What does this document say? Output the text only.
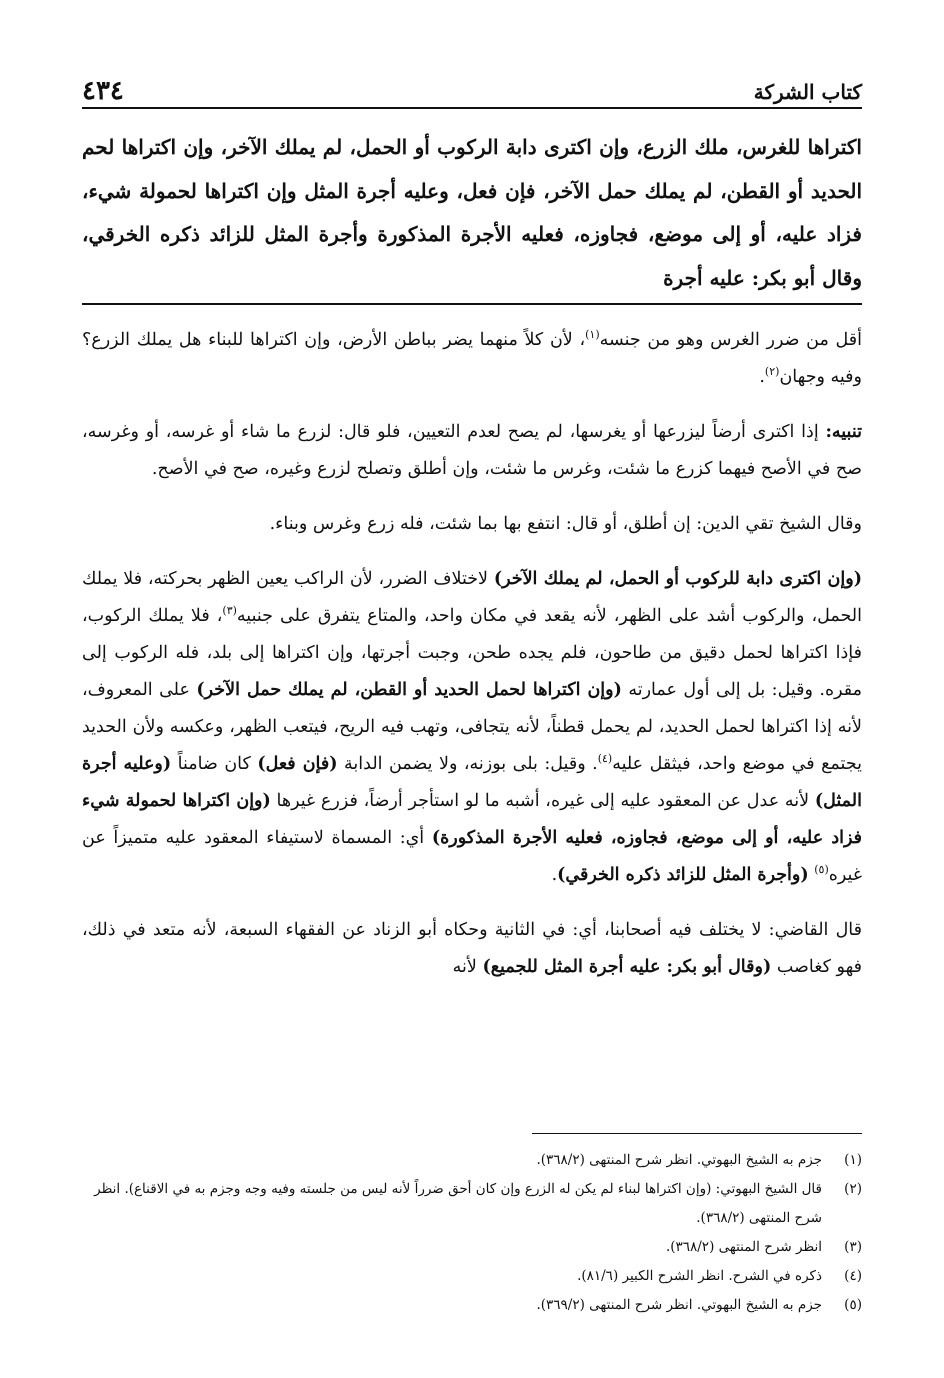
كتاب الشركة
٤٣٤
اكتراها للغرس، ملك الزرع، وإن اكترى دابة الركوب أو الحمل، لم يملك الآخر، وإن اكتراها لحم الحديد أو القطن، لم يملك حمل الآخر، فإن فعل، وعليه أجرة المثل وإن اكتراها لحمولة شيء، فزاد عليه، أو إلى موضع، فجاوزه، فعليه الأجرة المذكورة وأجرة المثل للزائد ذكره الخرقي، وقال أبو بكر: عليه أجرة

أقل من ضرر الغرس وهو من جنسه$^{(١)}$، لأن كلاً منهما يضر بباطن الأرض، وإن اكتراها للبناء هل يملك الزرع؟ وفيه وجهان$^{(٢)}$.

تنبيه: إذا اكترى أرضاً ليزرعها أو يغرسها، لم يصح لعدم التعيين، فلو قال: لزرع ما شاء أو غرسه، أو وغرسه، صح في الأصح فيهما كزرع ما شئت، وغرس ما شئت، وإن أطلق وتصلح لزرع وغيره، صح في الأصح.

وقال الشيخ تقي الدين: إن أطلق، أو قال: انتفع بها بما شئت، فله زرع وغرس وبناء.

(وإن اكترى دابة للركوب أو الحمل، لم يملك الآخر) لاختلاف الضرر، لأن الراكب يعين الظهر بحركته، فلا يملك الحمل، والركوب أشد على الظهر، لأنه يقعد في مكان واحد، والمتاع يتفرق على جنبيه$^{(٣)}$، فلا يملك الركوب، فإذا اكتراها لحمل دقيق من طاحون، فلم يجده طحن، وجبت أجرتها، وإن اكتراها إلى بلد، فله الركوب إلى مقره. وقيل: بل إلى أول عمارته (وإن اكتراها لحمل الحديد أو القطن، لم يملك حمل الآخر) على المعروف، لأنه إذا اكتراها لحمل الحديد، لم يحمل قطناً، لأنه يتجافى، وتهب فيه الريح، فيتعب الظهر، وعكسه ولأن الحديد يجتمع في موضع واحد، فيثقل عليه$^{(٤)}$. وقيل: بلى بوزنه، ولا يضمن الدابة (فإن فعل) كان ضامناً (وعليه أجرة المثل) لأنه عدل عن المعقود عليه إلى غيره، أشبه ما لو استأجر أرضاً، فزرع غيرها (وإن اكتراها لحمولة شيء فزاد عليه، أو إلى موضع، فجاوزه، فعليه الأجرة المذكورة) أي: المسماة لاستيفاء المعقود عليه متميزاً عن غيره$^{(٥)}$ (وأجرة المثل للزائد ذكره الخرقي).

قال القاضي: لا يختلف فيه أصحابنا، أي: في الثانية وحكاه أبو الزناد عن الفقهاء السبعة، لأنه متعد في ذلك، فهو كغاصب (وقال أبو بكر: عليه أجرة المثل للجميع) لأنه

(١)
جزم به الشيخ البهوتي. انظر شرح المنتهى (٣٦٨/٢).
(٢)
قال الشيخ البهوتي: (وإن اكتراها لبناء لم يكن له الزرع وإن كان أحق ضرراً لأنه ليس من جلسته وفيه وجه وجزم به في الاقناع). انظر شرح المنتهى (٣٦٨/٢).
(٣)
انظر شرح المنتهى (٣٦٨/٢).
(٤)
ذكره في الشرح. انظر الشرح الكبير (٨١/٦).
(٥)
جزم به الشيخ البهوتي. انظر شرح المنتهى (٣٦٩/٢).
